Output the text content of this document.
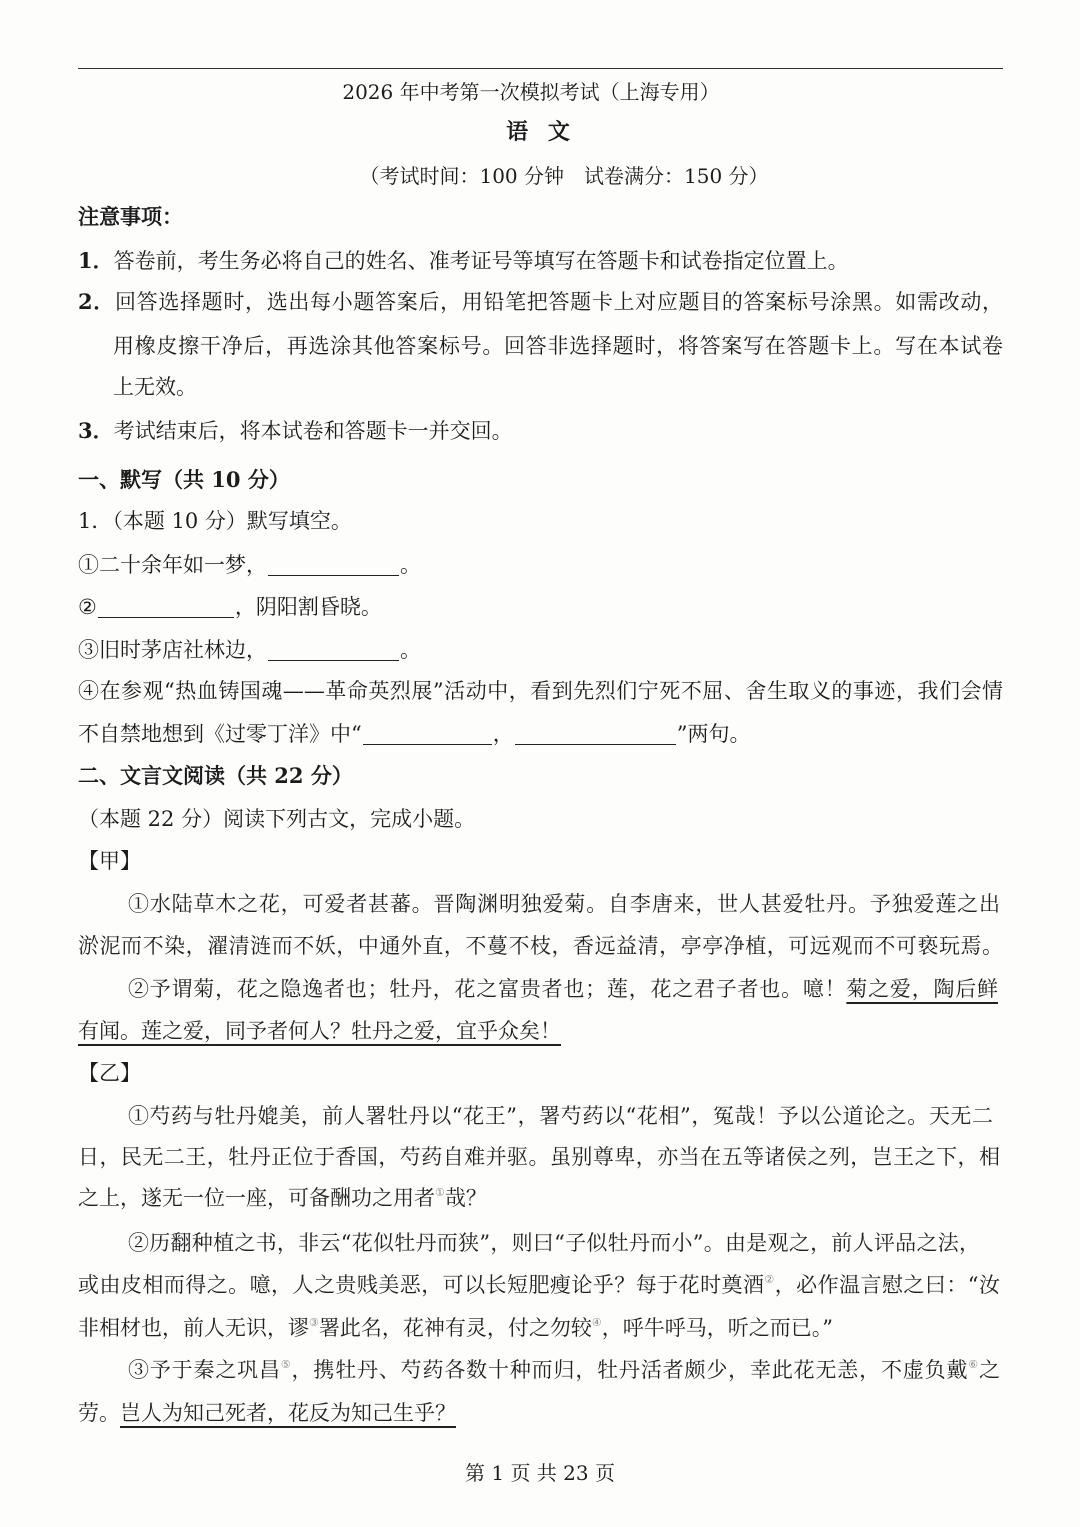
2026 年中考第一次模拟考试（上海专用）
语 文
（考试时间：100 分钟　试卷满分：150 分）
注意事项：
1．答卷前，考生务必将自己的姓名、准考证号等填写在答题卡和试卷指定位置上。
2．回答选择题时，选出每小题答案后，用铅笔把答题卡上对应题目的答案标号涂黑。如需改动，
用橡皮擦干净后，再选涂其他答案标号。回答非选择题时，将答案写在答题卡上。写在本试卷
上无效。
3．考试结束后，将本试卷和答题卡一并交回。
一、默写（共 10 分）
1．（本题 10 分）默写填空。
①二十余年如一梦，	。
②	，阴阳割昏晓。
③旧时茅店社林边，	。
④在参观“热血铸国魂——革命英烈展”活动中，看到先烈们宁死不屈、舍生取义的事迹，我们会情
不自禁地想到《过零丁洋》中“	，	”两句。
二、文言文阅读（共 22 分）
（本题 22 分）阅读下列古文，完成小题。
【甲】
①水陆草木之花，可爱者甚蕃。晋陶渊明独爱菊。自李唐来，世人甚爱牡丹。予独爱莲之出
淤泥而不染，濯清涟而不妖，中通外直，不蔓不枝，香远益清，亭亭净植，可远观而不可亵玩焉。
②予谓菊，花之隐逸者也；牡丹，花之富贵者也；莲，花之君子者也。噫！菊之爱，陶后鲜
有闻。莲之爱，同予者何人？牡丹之爱，宜乎众矣！
【乙】
①芍药与牡丹媲美，前人署牡丹以“花王”，署芍药以“花相”，冤哉！予以公道论之。天无二
日，民无二王，牡丹正位于香国，芍药自难并驱。虽别尊卑，亦当在五等诸侯之列，岂王之下，相
之上，遂无一位一座，可备酬功之用者①哉？
②历翻种植之书，非云“花似牡丹而狭”，则曰“子似牡丹而小”。由是观之，前人评品之法，
或由皮相而得之。噫，人之贵贱美恶，可以长短肥瘦论乎？每于花时奠酒②，必作温言慰之曰：“汝
非相材也，前人无识，谬③署此名，花神有灵，付之勿较④，呼牛呼马，听之而已。”
③予于秦之巩昌⑤，携牡丹、芍药各数十种而归，牡丹活者颇少，幸此花无恙，不虚负戴⑥之
劳。岂人为知己死者，花反为知己生乎？
第 1 页 共 23 页
